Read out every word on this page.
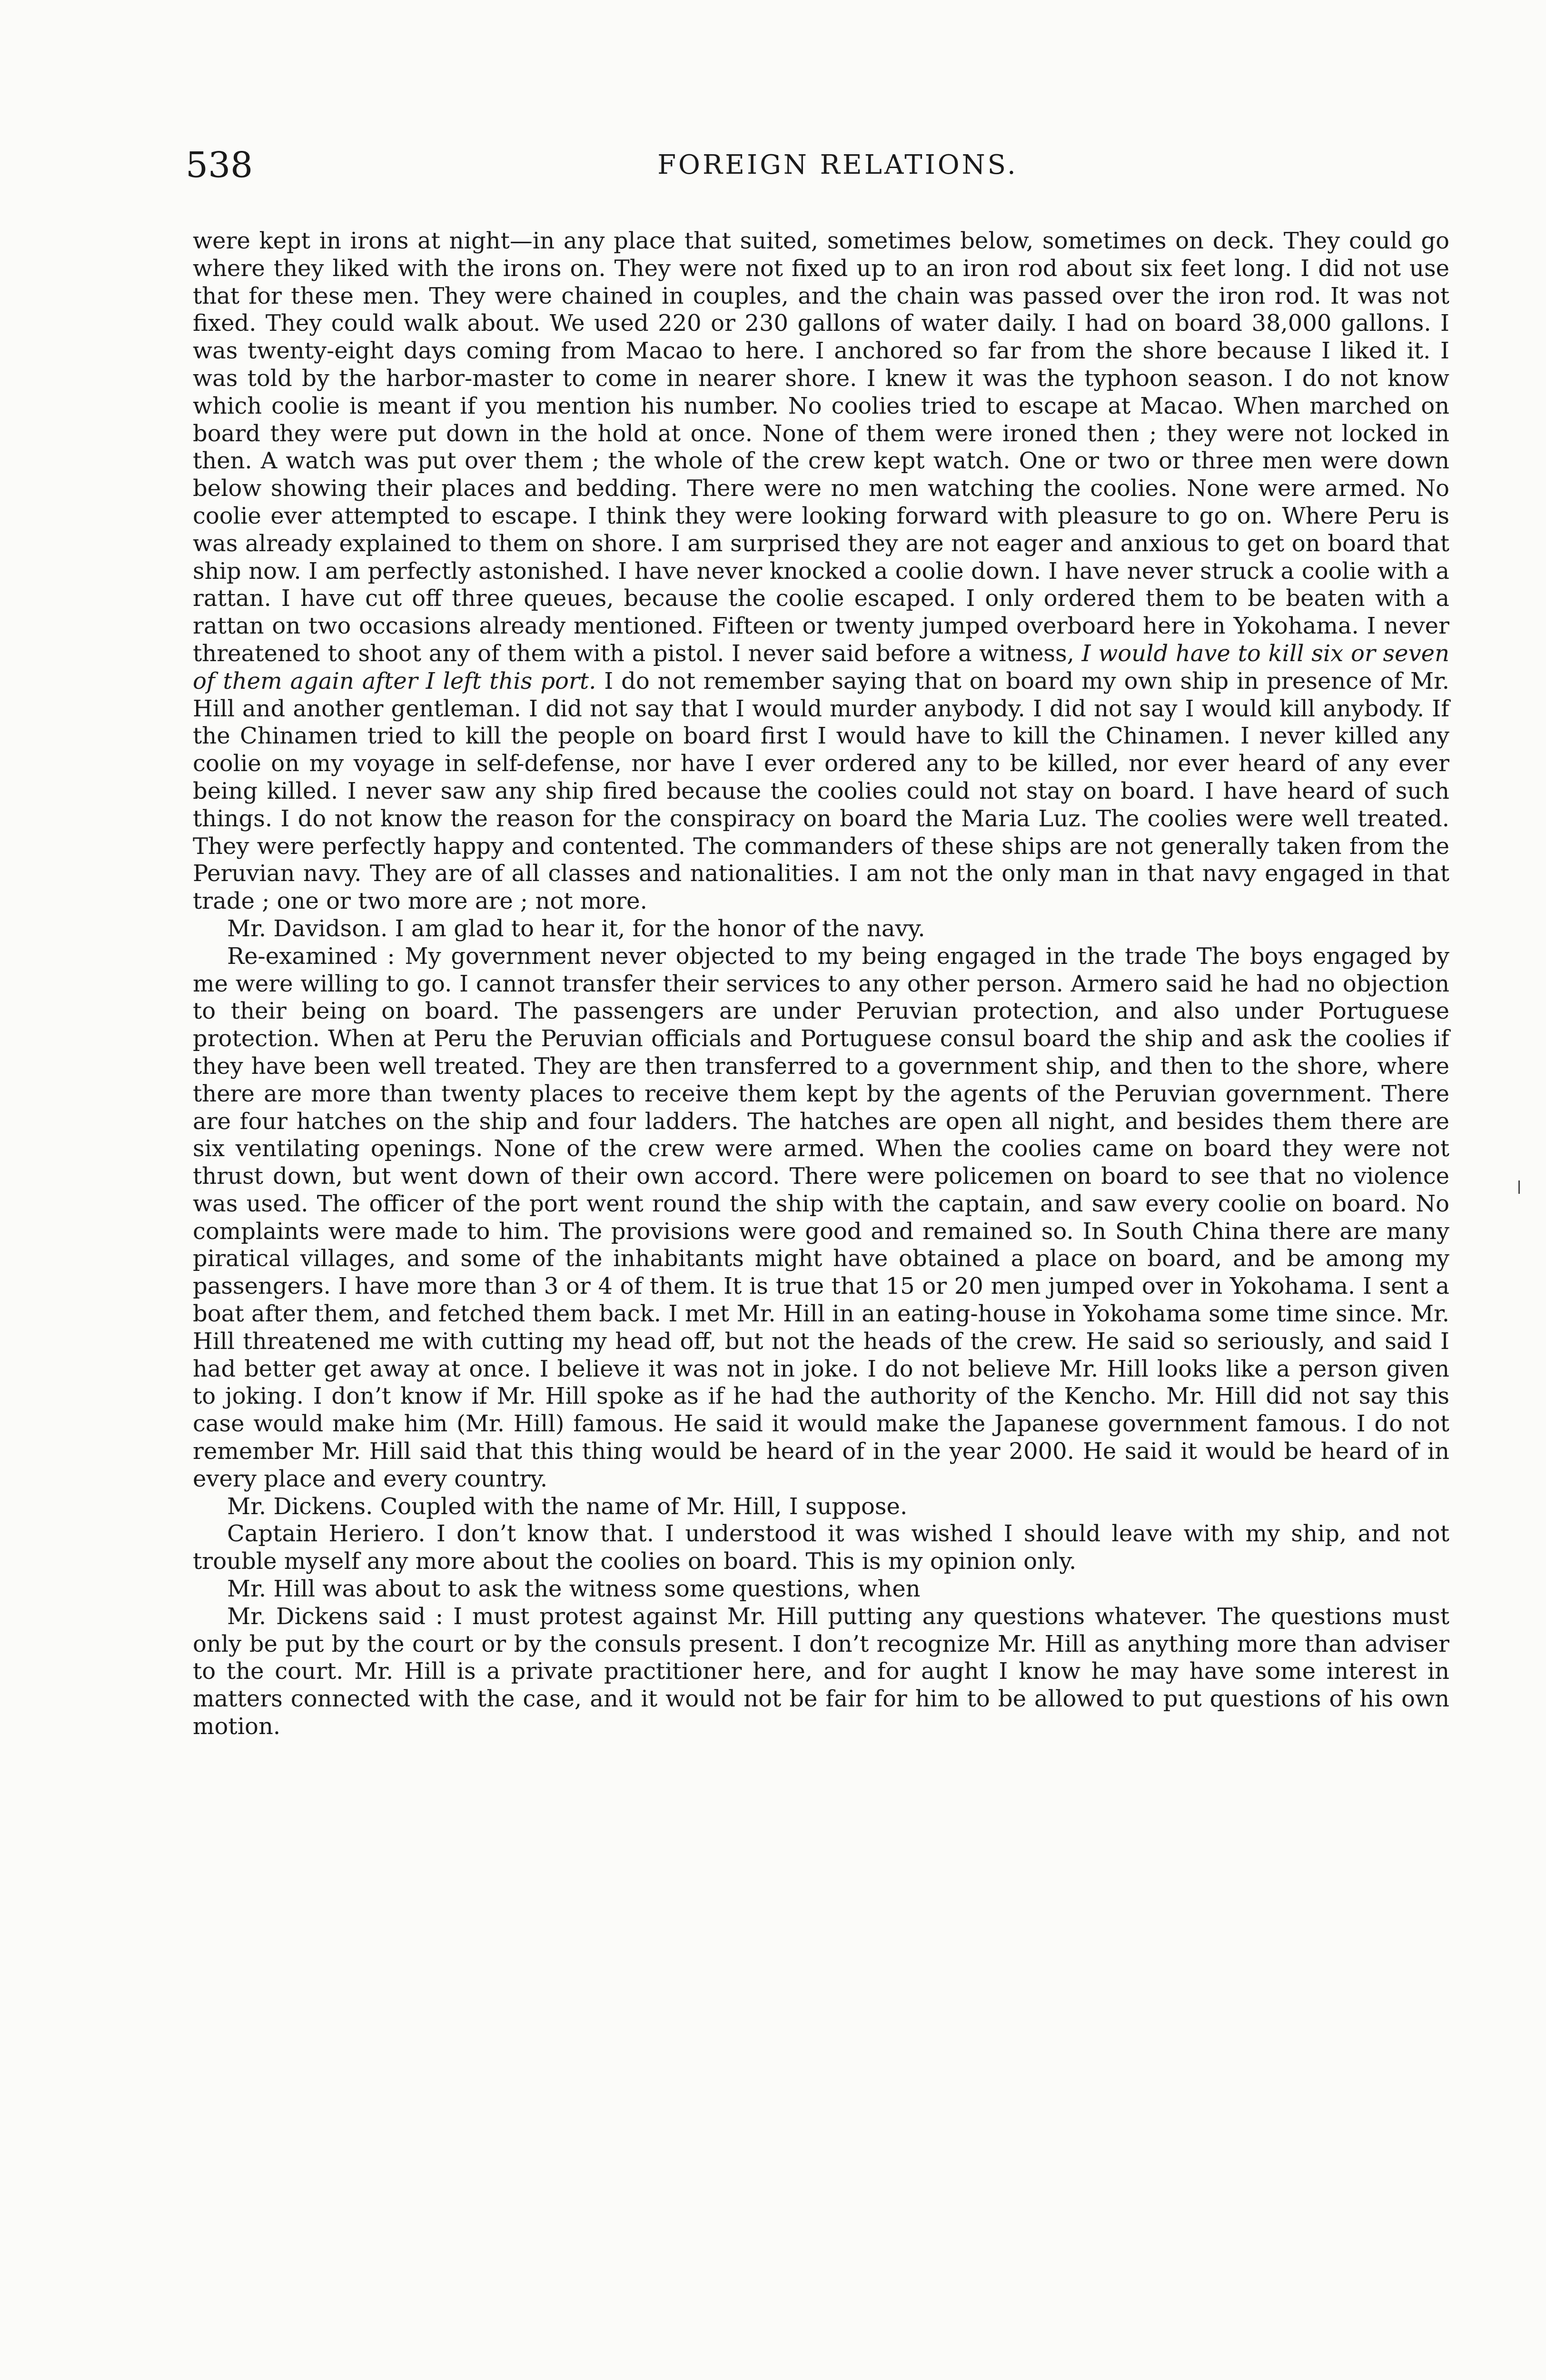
538	FOREIGN RELATIONS.

were kept in irons at night—in any place that suited, sometimes below, sometimes on deck. They could go where they liked with the irons on. They were not fixed up to an iron rod about six feet long. I did not use that for these men. They were chained in couples, and the chain was passed over the iron rod. It was not fixed. They could walk about. We used 220 or 230 gallons of water daily. I had on board 38,000 gallons. I was twenty-eight days coming from Macao to here. I anchored so far from the shore because I liked it. I was told by the harbor-master to come in nearer shore. I knew it was the typhoon season. I do not know which coolie is meant if you mention his number. No coolies tried to escape at Macao. When marched on board they were put down in the hold at once. None of them were ironed then ; they were not locked in then. A watch was put over them ; the whole of the crew kept watch. One or two or three men were down below showing their places and bedding. There were no men watching the coolies. None were armed. No coolie ever attempted to escape. I think they were looking forward with pleasure to go on. Where Peru is was already explained to them on shore. I am surprised they are not eager and anxious to get on board that ship now. I am perfectly astonished. I have never knocked a coolie down. I have never struck a coolie with a rattan. I have cut off three queues, because the coolie escaped. I only ordered them to be beaten with a rattan on two occasions already mentioned. Fifteen or twenty jumped overboard here in Yokohama. I never threatened to shoot any of them with a pistol. I never said before a witness, I would have to kill six or seven of them again after I left this port. I do not remember saying that on board my own ship in presence of Mr. Hill and another gentleman. I did not say that I would murder anybody. I did not say I would kill anybody. If the Chinamen tried to kill the people on board first I would have to kill the Chinamen. I never killed any coolie on my voyage in self-defense, nor have I ever ordered any to be killed, nor ever heard of any ever being killed. I never saw any ship fired because the coolies could not stay on board. I have heard of such things. I do not know the reason for the conspiracy on board the Maria Luz. The coolies were well treated. They were perfectly happy and contented. The commanders of these ships are not generally taken from the Peruvian navy. They are of all classes and nationalities. I am not the only man in that navy engaged in that trade ; one or two more are ; not more.

Mr. Davidson. I am glad to hear it, for the honor of the navy.

Re-examined : My government never objected to my being engaged in the trade The boys engaged by me were willing to go. I cannot transfer their services to any other person. Armero said he had no objection to their being on board. The passengers are under Peruvian protection, and also under Portuguese protection. When at Peru the Peruvian officials and Portuguese consul board the ship and ask the coolies if they have been well treated. They are then transferred to a government ship, and then to the shore, where there are more than twenty places to receive them kept by the agents of the Peruvian government. There are four hatches on the ship and four ladders. The hatches are open all night, and besides them there are six ventilating openings. None of the crew were armed. When the coolies came on board they were not thrust down, but went down of their own accord. There were policemen on board to see that no violence was used. The officer of the port went round the ship with the captain, and saw every coolie on board. No complaints were made to him. The provisions were good and remained so. In South China there are many piratical villages, and some of the inhabitants might have obtained a place on board, and be among my passengers. I have more than 3 or 4 of them. It is true that 15 or 20 men jumped over in Yokohama. I sent a boat after them, and fetched them back. I met Mr. Hill in an eating-house in Yokohama some time since. Mr. Hill threatened me with cutting my head off, but not the heads of the crew. He said so seriously, and said I had better get away at once. I believe it was not in joke. I do not believe Mr. Hill looks like a person given to joking. I don’t know if Mr. Hill spoke as if he had the authority of the Kencho. Mr. Hill did not say this case would make him (Mr. Hill) famous. He said it would make the Japanese government famous. I do not remember Mr. Hill said that this thing would be heard of in the year 2000. He said it would be heard of in every place and every country.

Mr. Dickens. Coupled with the name of Mr. Hill, I suppose.

Captain Heriero. I don’t know that. I understood it was wished I should leave with my ship, and not trouble myself any more about the coolies on board. This is my opinion only.

Mr. Hill was about to ask the witness some questions, when

Mr. Dickens said : I must protest against Mr. Hill putting any questions whatever. The questions must only be put by the court or by the consuls present. I don’t recognize Mr. Hill as anything more than adviser to the court. Mr. Hill is a private practitioner here, and for aught I know he may have some interest in matters connected with the case, and it would not be fair for him to be allowed to put questions of his own motion.
